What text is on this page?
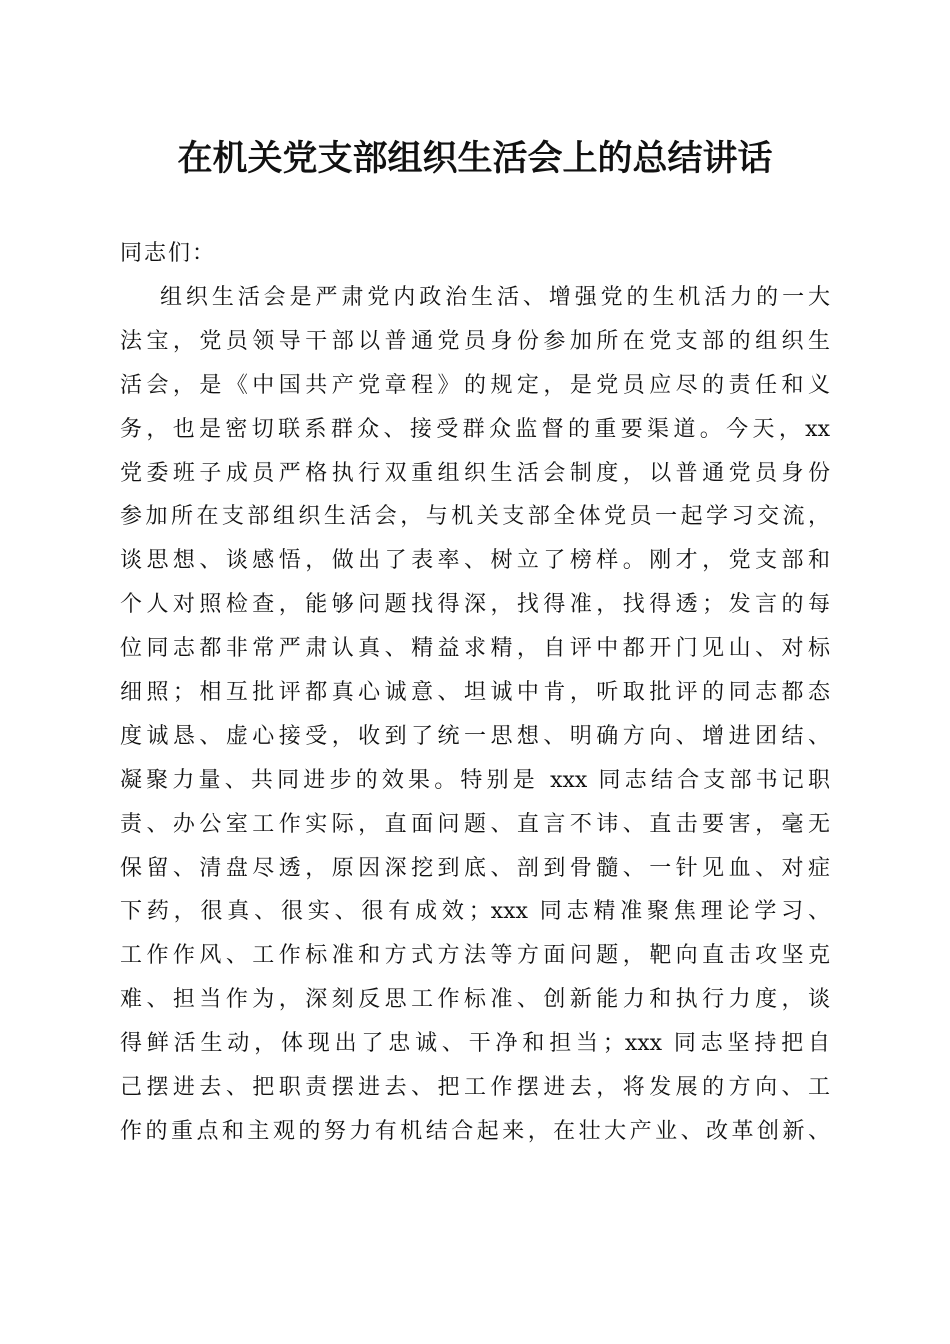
在机关党支部组织生活会上的总结讲话

同志们：

组织生活会是严肃党内政治生活、增强党的生机活力的一大
法宝，党员领导干部以普通党员身份参加所在党支部的组织生
活会，是《中国共产党章程》的规定，是党员应尽的责任和义
务，也是密切联系群众、接受群众监督的重要渠道。今天，xx
党委班子成员严格执行双重组织生活会制度，以普通党员身份
参加所在支部组织生活会，与机关支部全体党员一起学习交流，
谈思想、谈感悟，做出了表率、树立了榜样。刚才，党支部和
个人对照检查，能够问题找得深，找得准，找得透；发言的每
位同志都非常严肃认真、精益求精，自评中都开门见山、对标
细照；相互批评都真心诚意、坦诚中肯，听取批评的同志都态
度诚恳、虚心接受，收到了统一思想、明确方向、增进团结、
凝聚力量、共同进步的效果。特别是 xxx 同志结合支部书记职
责、办公室工作实际，直面问题、直言不讳、直击要害，毫无
保留、清盘尽透，原因深挖到底、剖到骨髓、一针见血、对症
下药，很真、很实、很有成效；xxx 同志精准聚焦理论学习、
工作作风、工作标准和方式方法等方面问题，靶向直击攻坚克
难、担当作为，深刻反思工作标准、创新能力和执行力度，谈
得鲜活生动，体现出了忠诚、干净和担当；xxx 同志坚持把自
己摆进去、把职责摆进去、把工作摆进去，将发展的方向、工
作的重点和主观的努力有机结合起来，在壮大产业、改革创新、
